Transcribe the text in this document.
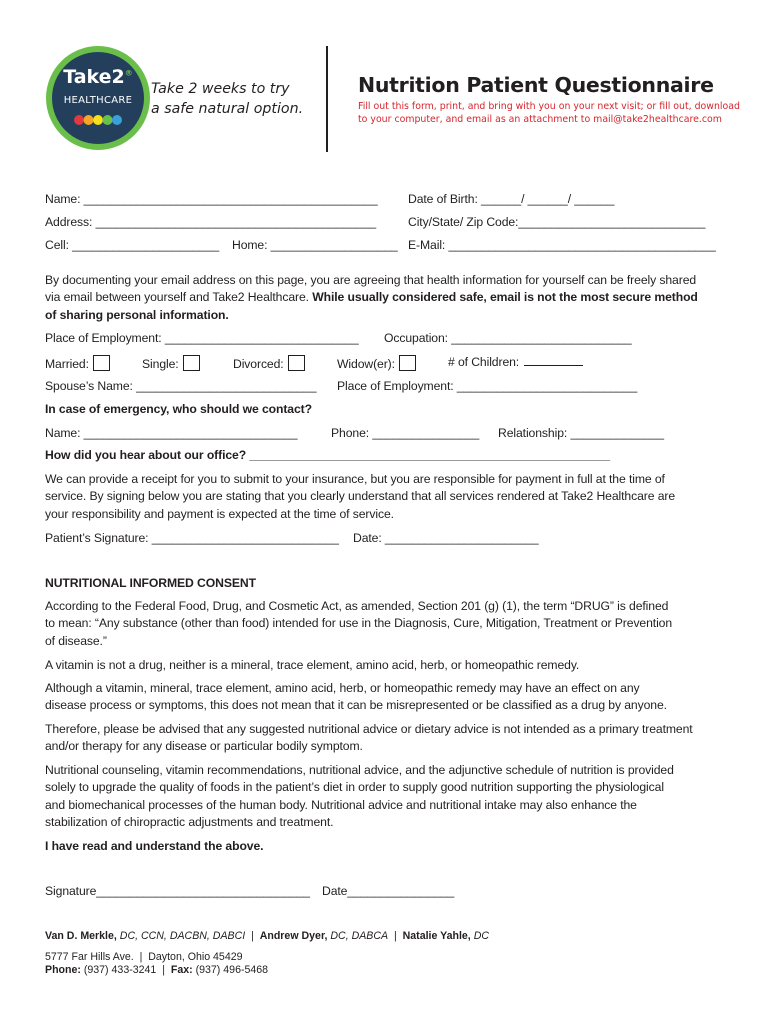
Take2®
HEALTHCARE
Take 2 weeks to try
a safe natural option.
Nutrition Patient Questionnaire
Fill out this form, print, and bring with you on your next visit; or fill out, download
to your computer, and email as an attachment to mail@take2healthcare.com
Name: ____________________________________________ Date of Birth: ______/ ______/ ______
Address: __________________________________________	City/State/ Zip Code:____________________________
Cell: ______________________ Home: ___________________ E-Mail: ________________________________________
By documenting your email address on this page, you are agreeing that health information for yourself can be freely shared
via email between yourself and Take2 Healthcare. While usually considered safe, email is not the most secure method
of sharing personal information.
Place of Employment: _____________________________ Occupation: ___________________________
Married:	Single:	Divorced:	Widow(er):	# of Children:
Spouse’s Name: ___________________________ Place of Employment: ___________________________
In case of emergency, who should we contact?
Name: ________________________________	Phone: ________________ Relationship: ______________
How did you hear about our office? ______________________________________________________
We can provide a receipt for you to submit to your insurance, but you are responsible for payment in full at the time of
service. By signing below you are stating that you clearly understand that all services rendered at Take2 Healthcare are
your responsibility and payment is expected at the time of service.
Patient’s Signature: ____________________________ Date: _______________________
NUTRITIONAL INFORMED CONSENT
According to the Federal Food, Drug, and Cosmetic Act, as amended, Section 201 (g) (1), the term “DRUG” is defined
to mean: “Any substance (other than food) intended for use in the Diagnosis, Cure, Mitigation, Treatment or Prevention
of disease.”
A vitamin is not a drug, neither is a mineral, trace element, amino acid, herb, or homeopathic remedy.
Although a vitamin, mineral, trace element, amino acid, herb, or homeopathic remedy may have an effect on any
disease process or symptoms, this does not mean that it can be misrepresented or be classified as a drug by anyone.
Therefore, please be advised that any suggested nutritional advice or dietary advice is not intended as a primary treatment
and/or therapy for any disease or particular bodily symptom.
Nutritional counseling, vitamin recommendations, nutritional advice, and the adjunctive schedule of nutrition is provided
solely to upgrade the quality of foods in the patient’s diet in order to supply good nutrition supporting the physiological
and biomechanical processes of the human body. Nutritional advice and nutritional intake may also enhance the
stabilization of chiropractic adjustments and treatment.
I have read and understand the above.
Signature________________________________ Date________________
Van D. Merkle, DC, CCN, DACBN, DABCI | Andrew Dyer, DC, DABCA | Natalie Yahle, DC
5777 Far Hills Ave. | Dayton, Ohio 45429
Phone: (937) 433-3241 | Fax: (937) 496-5468
